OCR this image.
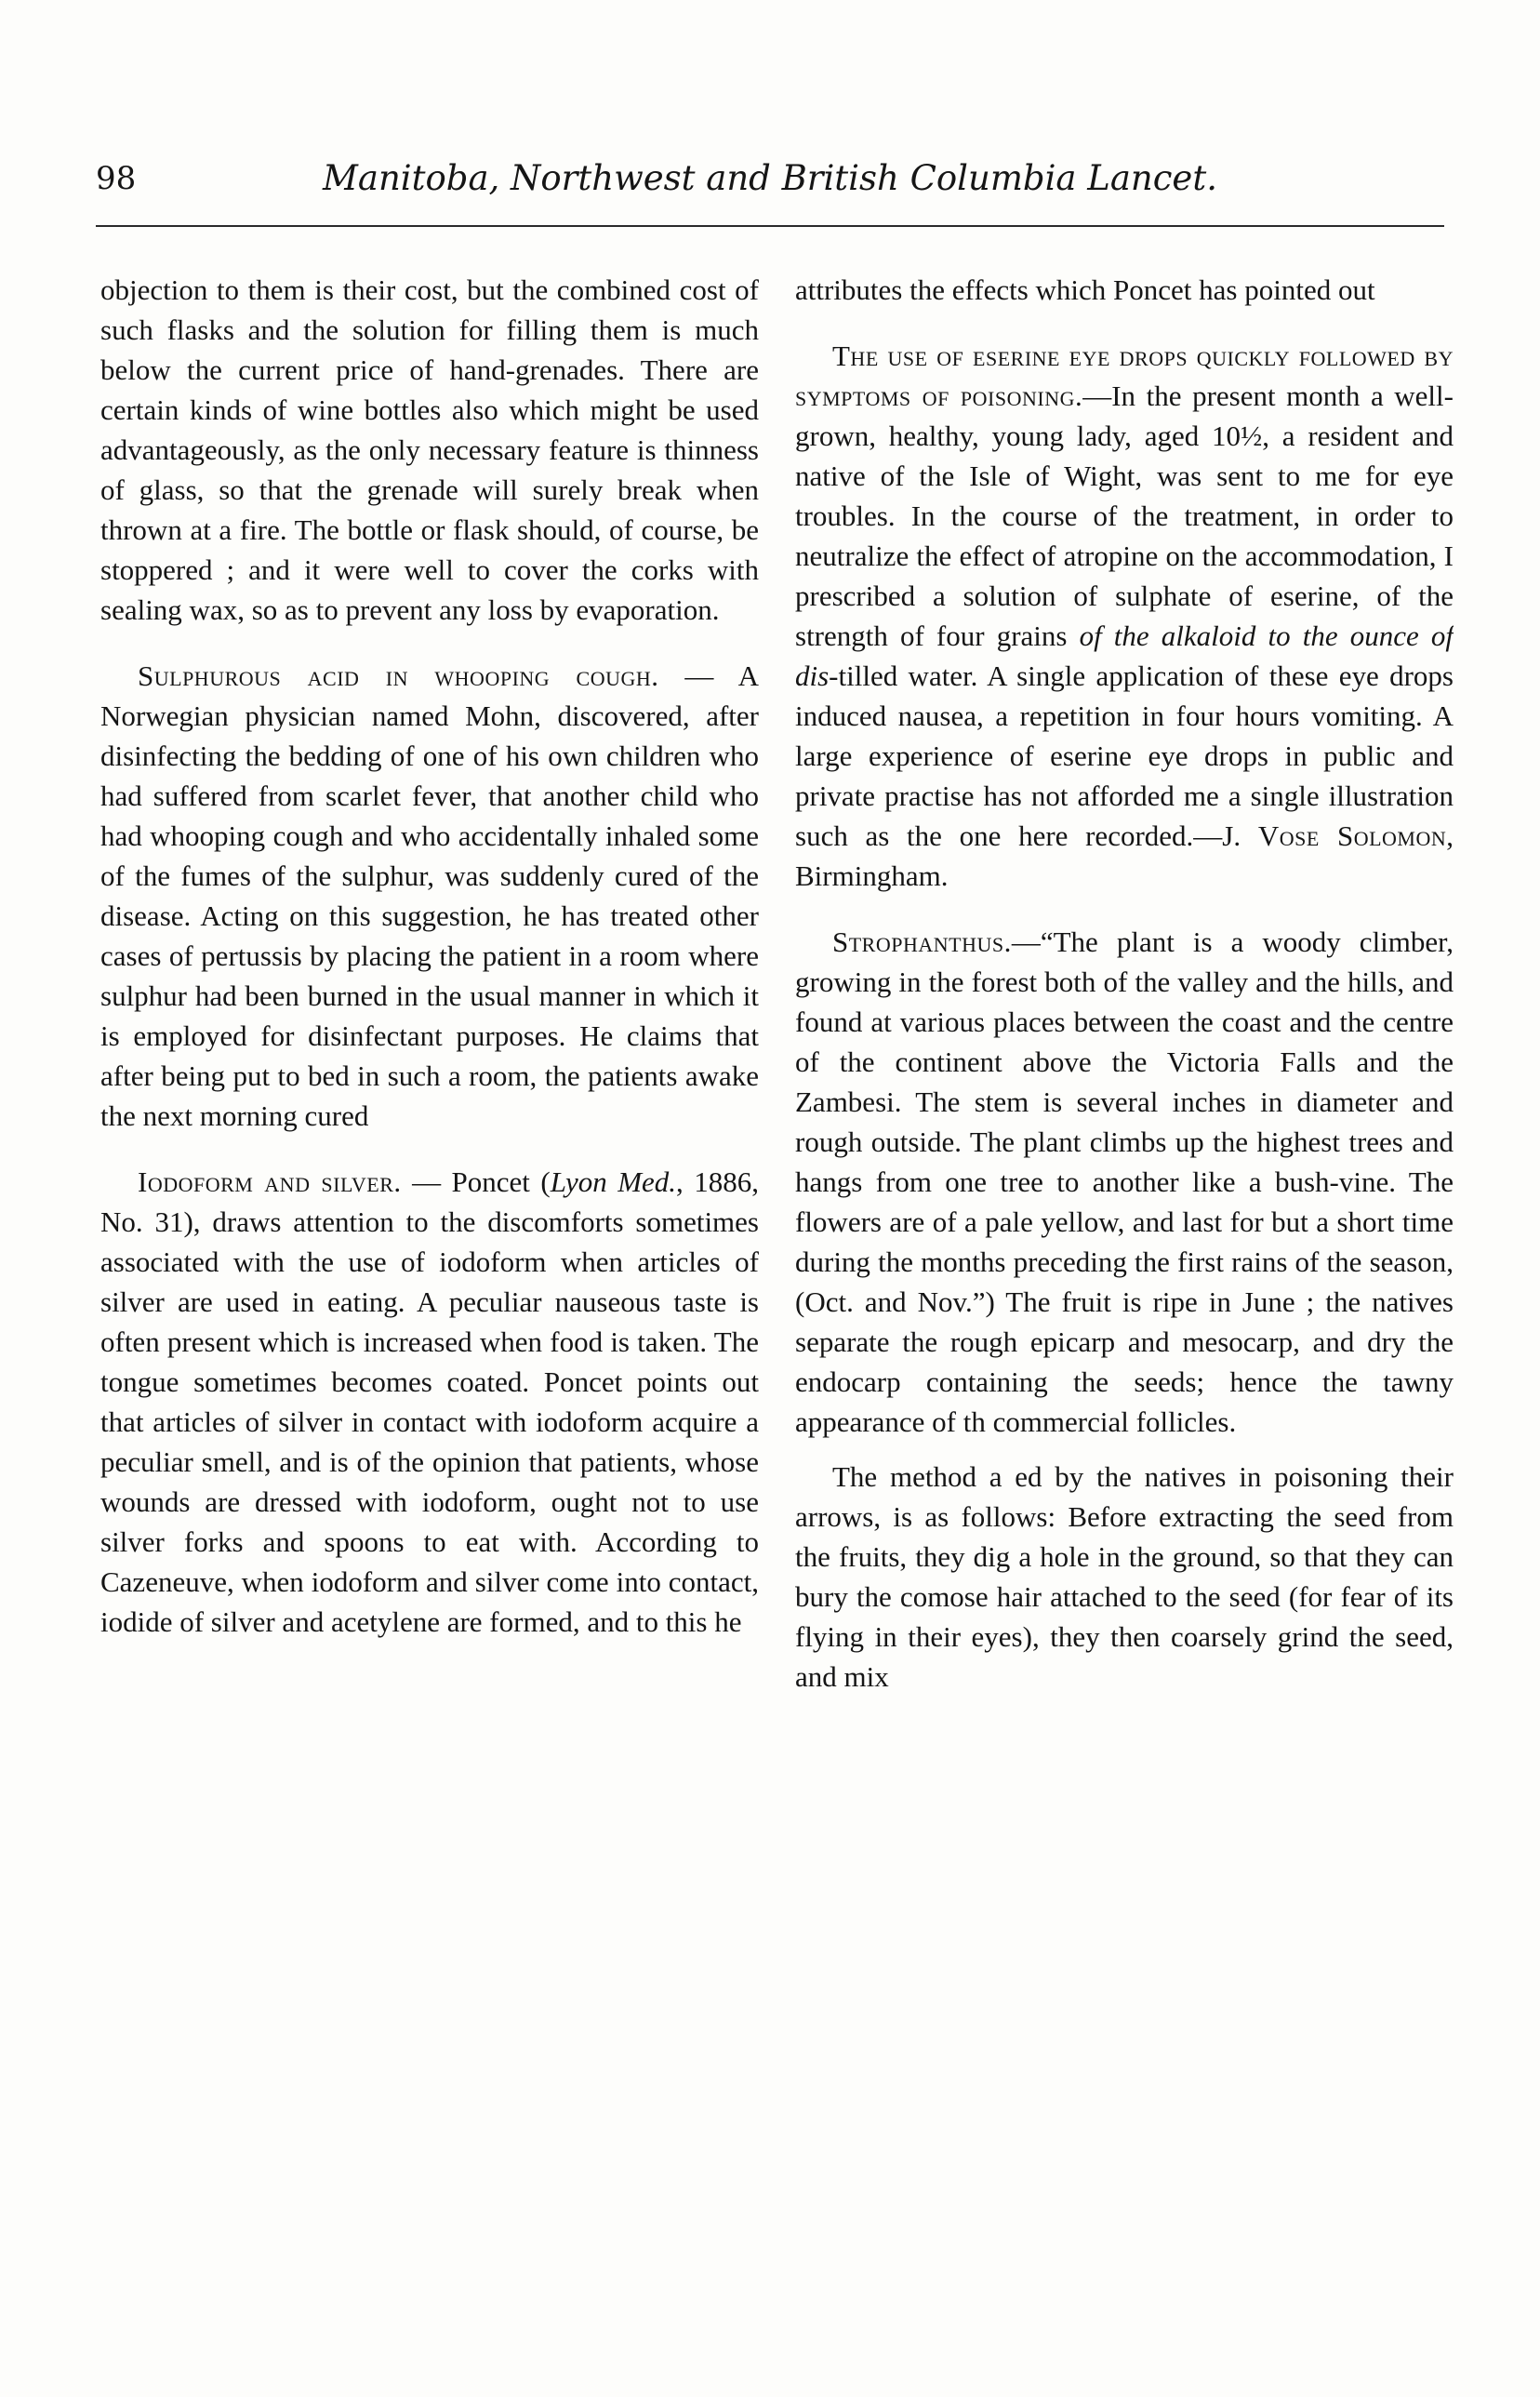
98	Manitoba, Northwest and British Columbia Lancet.

objection to them is their cost, but the combined cost of such flasks and the solution for filling them is much below the current price of hand-grenades. There are certain kinds of wine bottles also which might be used advantageously, as the only necessary feature is thinness of glass, so that the grenade will surely break when thrown at a fire. The bottle or flask should, of course, be stoppered ; and it were well to cover the corks with sealing wax, so as to prevent any loss by evaporation.

Sulphurous acid in whooping cough. — A Norwegian physician named Mohn, discovered, after disinfecting the bedding of one of his own children who had suffered from scarlet fever, that another child who had whooping cough and who accidentally inhaled some of the fumes of the sulphur, was suddenly cured of the disease. Acting on this suggestion, he has treated other cases of pertussis by placing the patient in a room where sulphur had been burned in the usual manner in which it is employed for disinfectant purposes. He claims that after being put to bed in such a room, the patients awake the next morning cured

Iodoform and silver. — Poncet (Lyon Med., 1886, No. 31), draws attention to the discomforts sometimes associated with the use of iodoform when articles of silver are used in eating. A peculiar nauseous taste is often present which is increased when food is taken. The tongue sometimes becomes coated. Poncet points out that articles of silver in contact with iodoform acquire a peculiar smell, and is of the opinion that patients, whose wounds are dressed with iodoform, ought not to use silver forks and spoons to eat with. According to Cazeneuve, when iodoform and silver come into contact, iodide of silver and acetylene are formed, and to this he

attributes the effects which Poncet has pointed out

The use of eserine eye drops quickly followed by symptoms of poisoning.—In the present month a well-grown, healthy, young lady, aged 10½, a resident and native of the Isle of Wight, was sent to me for eye troubles. In the course of the treatment, in order to neutralize the effect of atropine on the accommodation, I prescribed a solution of sulphate of eserine, of the strength of four grains of the alkaloid to the ounce of dis-tilled water. A single application of these eye drops induced nausea, a repetition in four hours vomiting. A large experience of eserine eye drops in public and private practise has not afforded me a single illustration such as the one here recorded.—J. Vose Solomon, Birmingham.

Strophanthus.—“The plant is a woody climber, growing in the forest both of the valley and the hills, and found at various places between the coast and the centre of the continent above the Victoria Falls and the Zambesi. The stem is several inches in diameter and rough outside. The plant climbs up the highest trees and hangs from one tree to another like a bush-vine. The flowers are of a pale yellow, and last for but a short time during the months preceding the first rains of the season, (Oct. and Nov.”) The fruit is ripe in June ; the natives separate the rough epicarp and mesocarp, and dry the endocarp containing the seeds; hence the tawny appearance of th commercial follicles.

The method a ed by the natives in poisoning their arrows, is as follows: Before extracting the seed from the fruits, they dig a hole in the ground, so that they can bury the comose hair attached to the seed (for fear of its flying in their eyes), they then coarsely grind the seed, and mix
